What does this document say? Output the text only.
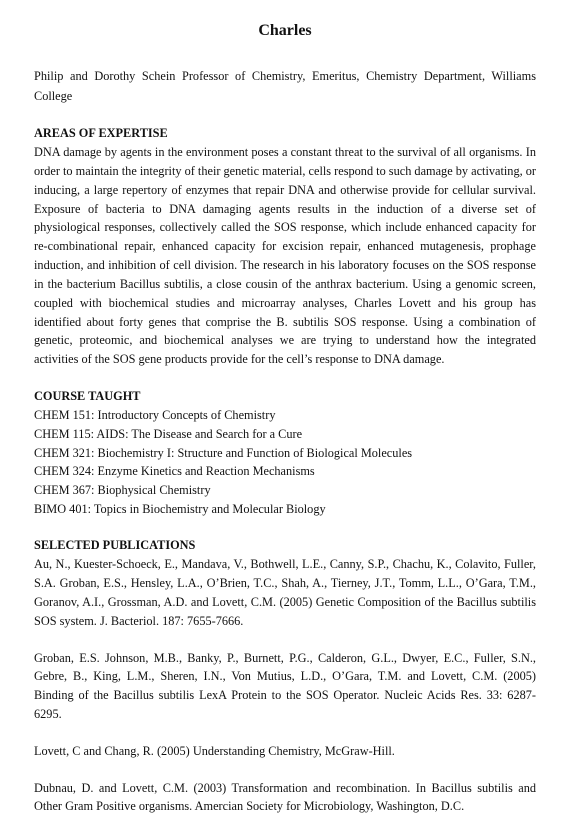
Charles
Philip and Dorothy Schein Professor of Chemistry, Emeritus, Chemistry Department, Williams College
AREAS OF EXPERTISE

DNA damage by agents in the environment poses a constant threat to the survival of all organisms. In order to maintain the integrity of their genetic material, cells respond to such damage by activating, or inducing, a large repertory of enzymes that repair DNA and otherwise provide for cellular survival. Exposure of bacteria to DNA damaging agents results in the induction of a diverse set of physiological responses, collectively called the SOS response, which include enhanced capacity for re-combinational repair, enhanced capacity for excision repair, enhanced mutagenesis, prophage induction, and inhibition of cell division. The research in his laboratory focuses on the SOS response in the bacterium Bacillus subtilis, a close cousin of the anthrax bacterium. Using a genomic screen, coupled with biochemical studies and microarray analyses, Charles Lovett and his group has identified about forty genes that comprise the B. subtilis SOS response. Using a combination of genetic, proteomic, and biochemical analyses we are trying to understand how the integrated activities of the SOS gene products provide for the cell’s response to DNA damage.

COURSE TAUGHT
CHEM 151: Introductory Concepts of Chemistry
CHEM 115: AIDS: The Disease and Search for a Cure
CHEM 321: Biochemistry I: Structure and Function of Biological Molecules
CHEM 324: Enzyme Kinetics and Reaction Mechanisms
CHEM 367: Biophysical Chemistry
BIMO 401: Topics in Biochemistry and Molecular Biology
SELECTED PUBLICATIONS

Au, N., Kuester-Schoeck, E., Mandava, V., Bothwell, L.E., Canny, S.P., Chachu, K., Colavito, Fuller, S.A. Groban, E.S., Hensley, L.A., O’Brien, T.C., Shah, A., Tierney, J.T., Tomm, L.L., O’Gara, T.M., Goranov, A.I., Grossman, A.D. and Lovett, C.M. (2005) Genetic Composition of the Bacillus subtilis SOS system. J. Bacteriol. 187: 7655-7666.

Groban, E.S. Johnson, M.B., Banky, P., Burnett, P.G., Calderon, G.L., Dwyer, E.C., Fuller, S.N., Gebre, B., King, L.M., Sheren, I.N., Von Mutius, L.D., O’Gara, T.M. and Lovett, C.M. (2005) Binding of the Bacillus subtilis LexA Protein to the SOS Operator. Nucleic Acids Res. 33: 6287-6295.

Lovett, C and Chang, R. (2005) Understanding Chemistry, McGraw-Hill.

Dubnau, D. and Lovett, C.M. (2003) Transformation and recombination. In Bacillus subtilis and Other Gram Positive organisms. Amercian Society for Microbiology, Washington, D.C.
